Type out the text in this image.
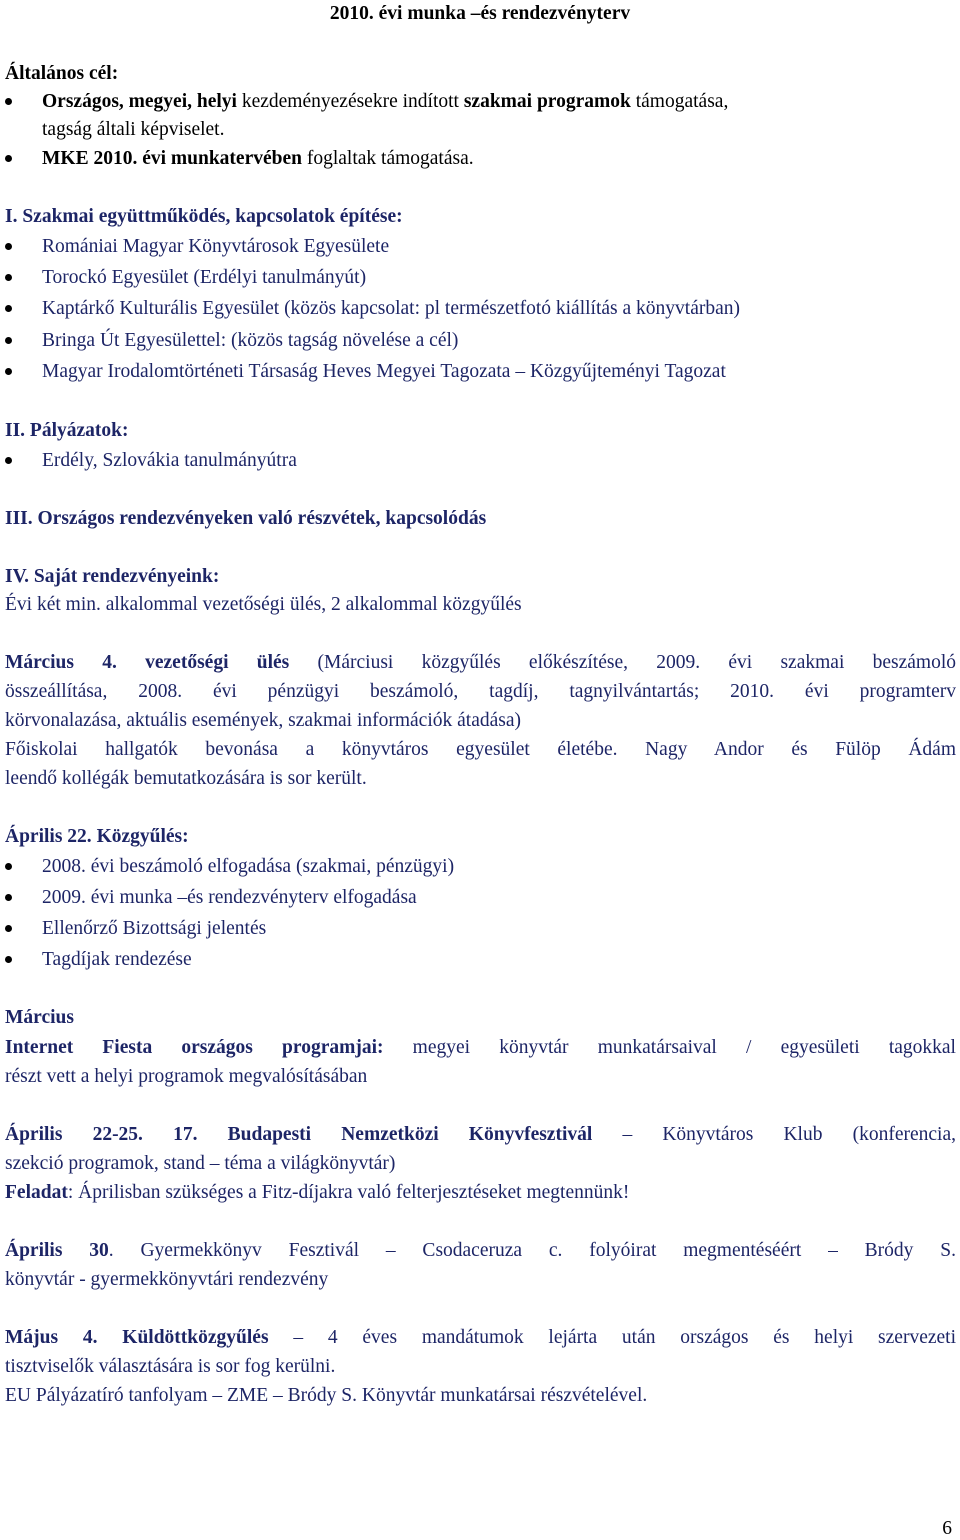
2010. évi munka –és rendezvényterv
Általános cél:
Országos, megyei, helyi kezdeményezésekre indított szakmai programok támogatása,
tagság általi képviselet.
MKE 2010. évi munkatervében foglaltak támogatása.
I. Szakmai együttműködés, kapcsolatok építése:
Romániai Magyar Könyvtárosok Egyesülete
Torockó Egyesület (Erdélyi tanulmányút)
Kaptárkő Kulturális Egyesület (közös kapcsolat: pl természetfotó kiállítás a könyvtárban)
Bringa Út Egyesülettel: (közös tagság növelése a cél)
Magyar Irodalomtörténeti Társaság Heves Megyei Tagozata – Közgyűjteményi Tagozat
II. Pályázatok:
Erdély, Szlovákia tanulmányútra
III. Országos rendezvényeken való részvétek, kapcsolódás
IV. Saját rendezvényeink:
Évi két min. alkalommal vezetőségi ülés, 2 alkalommal közgyűlés
Március 4. vezetőségi ülés (Márciusi közgyűlés előkészítése, 2009. évi szakmai beszámoló
összeállítása, 2008. évi pénzügyi beszámoló, tagdíj, tagnyilvántartás; 2010. évi programterv
körvonalazása, aktuális események, szakmai információk átadása)
Főiskolai hallgatók bevonása a könyvtáros egyesület életébe. Nagy Andor és Fülöp Ádám
leendő kollégák bemutatkozására is sor került.
Április 22. Közgyűlés:
2008. évi beszámoló elfogadása (szakmai, pénzügyi)
2009. évi munka –és rendezvényterv elfogadása
Ellenőrző Bizottsági jelentés
Tagdíjak rendezése
Március
Internet Fiesta országos programjai: megyei könyvtár munkatársaival / egyesületi tagokkal
részt vett a helyi programok megvalósításában
Április 22-25. 17. Budapesti Nemzetközi Könyvfesztivál – Könyvtáros Klub (konferencia,
szekció programok, stand – téma a világkönyvtár)
Feladat: Áprilisban szükséges a Fitz-díjakra való felterjesztéseket megtennünk!
Április 30. Gyermekkönyv Fesztivál – Csodaceruza c. folyóirat megmentéséért – Bródy S.
könyvtár - gyermekkönyvtári rendezvény
Május 4. Küldöttközgyűlés – 4 éves mandátumok lejárta után országos és helyi szervezeti
tisztviselők választására is sor fog kerülni.
EU Pályázatíró tanfolyam – ZME – Bródy S. Könyvtár munkatársai részvételével.
6
